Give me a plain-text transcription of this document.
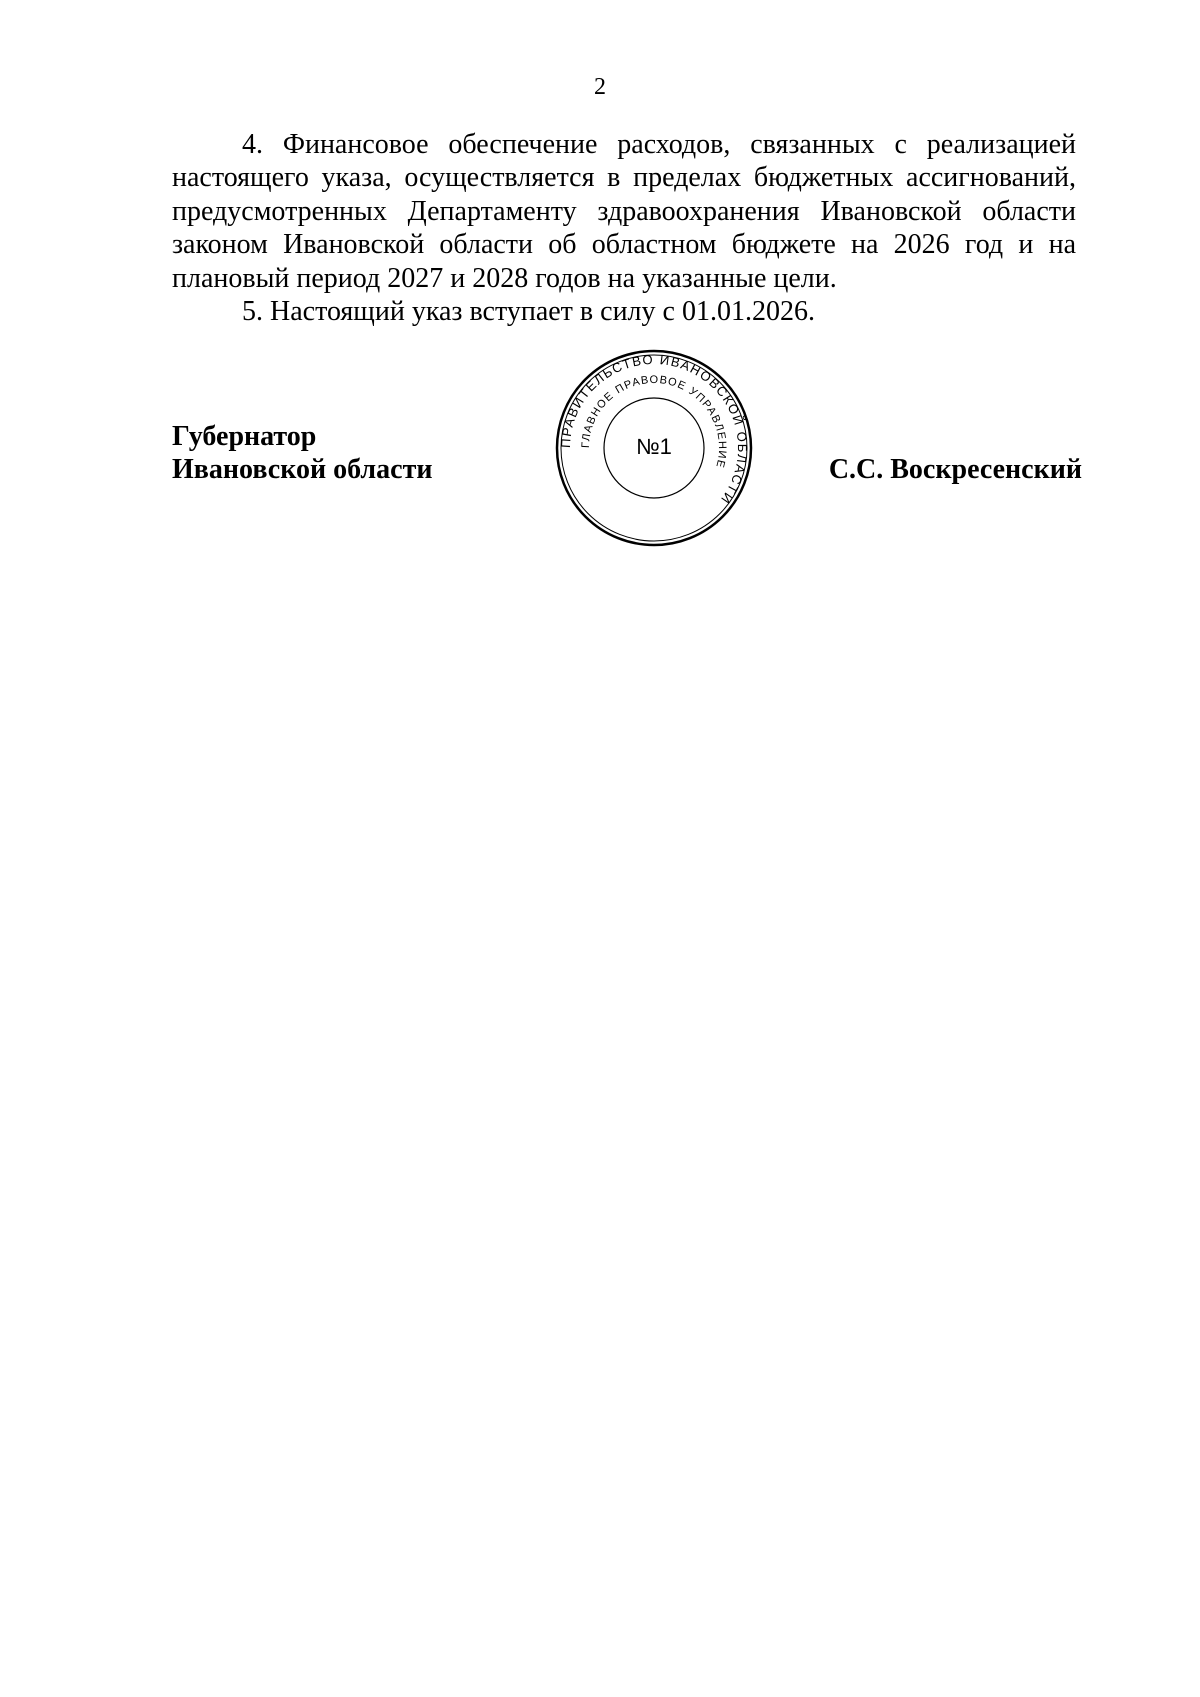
2

4. Финансовое обеспечение расходов, связанных с реализацией настоящего указа, осуществляется в пределах бюджетных ассигнований, предусмотренных Департаменту здравоохранения Ивановской области законом Ивановской области об областном бюджете на 2026 год и на плановый период 2027 и 2028 годов на указанные цели.

5. Настоящий указ вступает в силу с 01.01.2026.

Губернатор
Ивановской области	С.С. Воскресенский
ПРАВИТЕЛЬСТВО ИВАНОВСКОЙ ОБЛАСТИ
ГЛАВНОЕ ПРАВОВОЕ УПРАВЛЕНИЕ
№1
